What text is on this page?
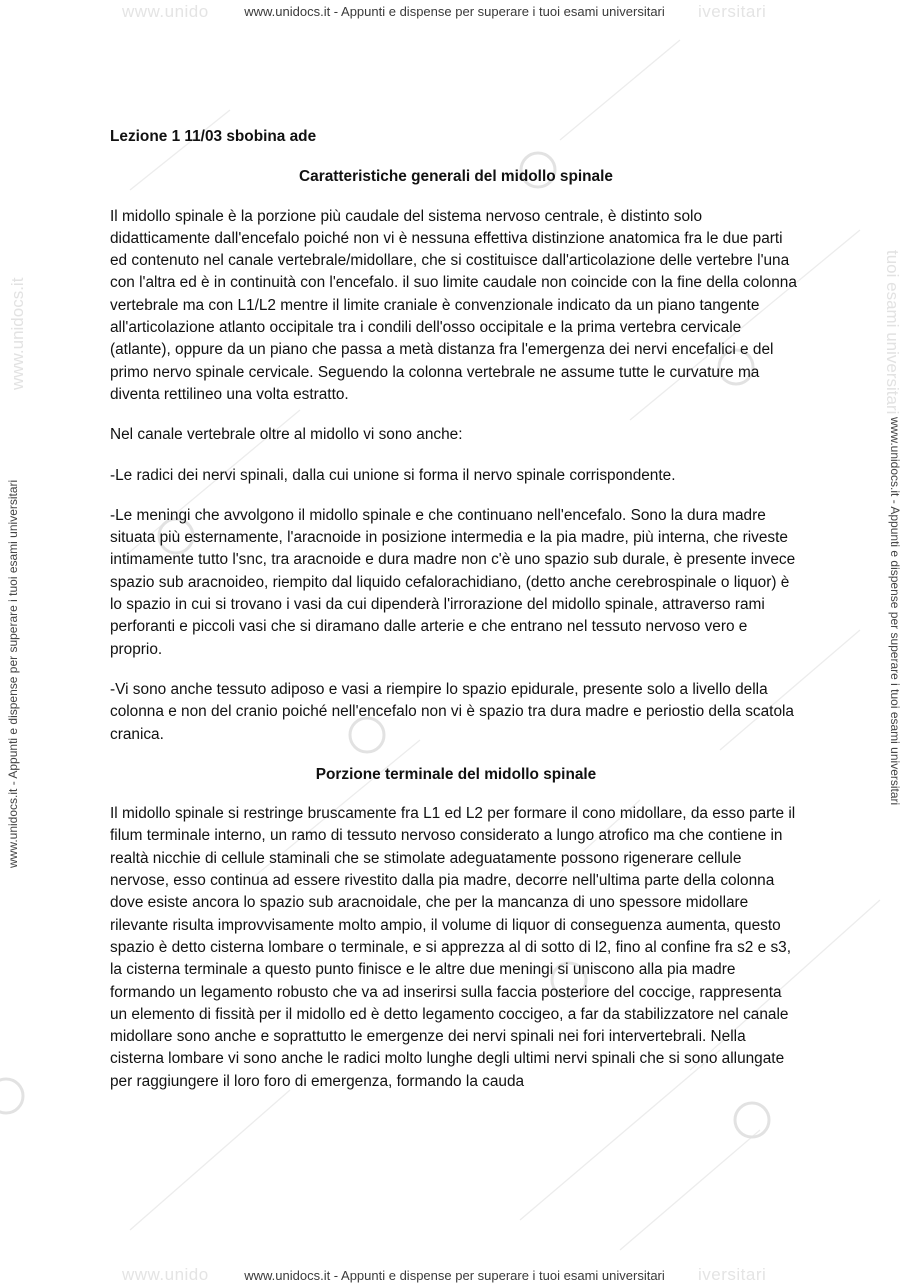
www.unido	iversitari
www.unido	iversitari
www.unidocs.it	tuoi esami universitari
www.unidocs.it - Appunti e dispense per superare i tuoi esami universitari
www.unidocs.it - Appunti e dispense per superare i tuoi esami universitari
www.unidocs.it - Appunti e dispense per superare i tuoi esami universitari	www.unidocs.it - Appunti e dispense per superare i tuoi esami universitari
Lezione 1 11/03 sbobina ade
Caratteristiche generali del midollo spinale

Il midollo spinale è la porzione più caudale del sistema nervoso centrale, è distinto solo didatticamente dall'encefalo poiché non vi è nessuna effettiva distinzione anatomica fra le due parti ed contenuto nel canale vertebrale/midollare, che si costituisce dall'articolazione delle vertebre l'una con l'altra ed è in continuità con l'encefalo. il suo limite caudale non coincide con la fine della colonna vertebrale ma con L1/L2 mentre il limite craniale è convenzionale indicato da un piano tangente all'articolazione atlanto occipitale tra i condili dell'osso occipitale e la prima vertebra cervicale (atlante), oppure da un piano che passa a metà distanza fra l'emergenza dei nervi encefalici e del primo nervo spinale cervicale. Seguendo la colonna vertebrale ne assume tutte le curvature ma diventa rettilineo una volta estratto.

Nel canale vertebrale oltre al midollo vi sono anche:

-Le radici dei nervi spinali, dalla cui unione si forma il nervo spinale corrispondente.

-Le meningi che avvolgono il midollo spinale e che continuano nell'encefalo. Sono la dura madre situata più esternamente, l'aracnoide in posizione intermedia e la pia madre, più interna, che riveste intimamente tutto l'snc, tra aracnoide e dura madre non c'è uno spazio sub durale, è presente invece spazio sub aracnoideo, riempito dal liquido cefalorachidiano, (detto anche cerebrospinale o liquor) è lo spazio in cui si trovano i vasi da cui dipenderà l'irrorazione del midollo spinale, attraverso rami perforanti e piccoli vasi che si diramano dalle arterie e che entrano nel tessuto nervoso vero e proprio.

-Vi sono anche tessuto adiposo e vasi a riempire lo spazio epidurale, presente solo a livello della colonna e non del cranio poiché nell'encefalo non vi è spazio tra dura madre e periostio della scatola cranica.

Porzione terminale del midollo spinale

Il midollo spinale si restringe bruscamente fra L1 ed L2 per formare il cono midollare, da esso parte il filum terminale interno, un ramo di tessuto nervoso considerato a lungo atrofico ma che contiene in realtà nicchie di cellule staminali che se stimolate adeguatamente possono rigenerare cellule nervose, esso continua ad essere rivestito dalla pia madre, decorre nell'ultima parte della colonna dove esiste ancora lo spazio sub aracnoidale, che per la mancanza di uno spessore midollare rilevante risulta improvvisamente molto ampio, il volume di liquor di conseguenza aumenta, questo spazio è detto cisterna lombare o terminale, e si apprezza al di sotto di l2, fino al confine fra s2 e s3, la cisterna terminale a questo punto finisce e le altre due meningi si uniscono alla pia madre formando un legamento robusto che va ad inserirsi sulla faccia posteriore del coccige, rappresenta un elemento di fissità per il midollo ed è detto legamento coccigeo, a far da stabilizzatore nel canale midollare sono anche e soprattutto le emergenze dei nervi spinali nei fori intervertebrali. Nella cisterna lombare vi sono anche le radici molto lunghe degli ultimi nervi spinali che si sono allungate per raggiungere il loro foro di emergenza, formando la cauda
